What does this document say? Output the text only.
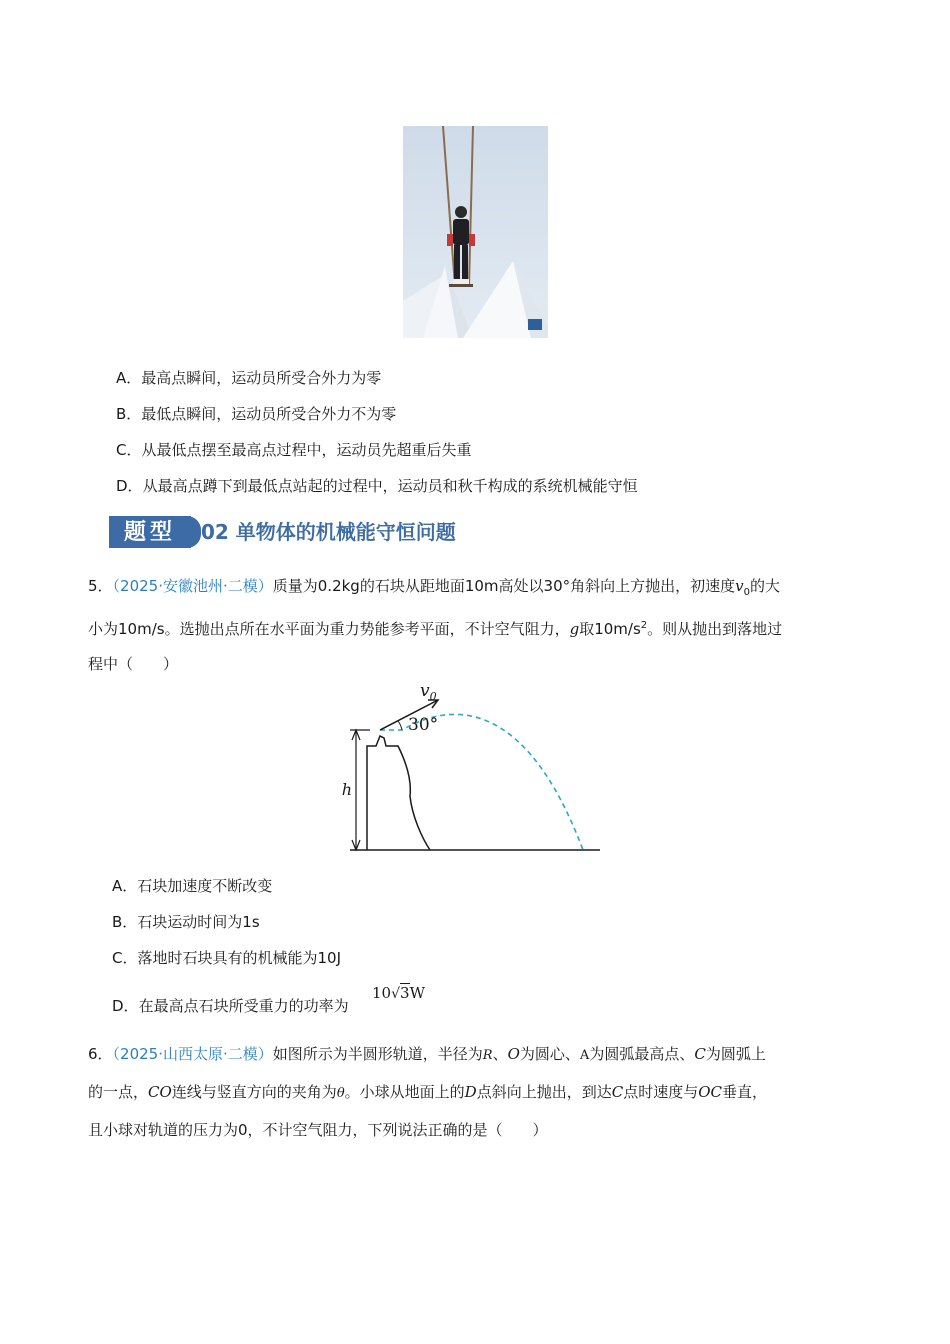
A．最高点瞬间，运动员所受合外力为零
B．最低点瞬间，运动员所受合外力不为零
C．从最低点摆至最高点过程中，运动员先超重后失重
D．从最高点蹲下到最低点站起的过程中，运动员和秋千构成的系统机械能守恒
题型	02 单物体的机械能守恒问题
5．（2025·安徽池州·二模）质量为0.2kg的石块从距地面10m高处以30°角斜向上方抛出，初速度$v_0$的大
小为10m/s。选抛出点所在水平面为重力势能参考平面，不计空气阻力，g取$10m/s^2$。则从抛出到落地过
程中（　　）
h
$v_0$
30°
A．石块加速度不断改变
B．石块运动时间为1s
C．落地时石块具有的机械能为10J
D．在最高点石块所受重力的功率为
10√3W
6．（2025·山西太原·二模）如图所示为半圆形轨道，半径为R、O为圆心、A为圆弧最高点、C为圆弧上
的一点，CO连线与竖直方向的夹角为θ。小球从地面上的D点斜向上抛出，到达C点时速度与OC垂直，
且小球对轨道的压力为0，不计空气阻力，下列说法正确的是（　　）
